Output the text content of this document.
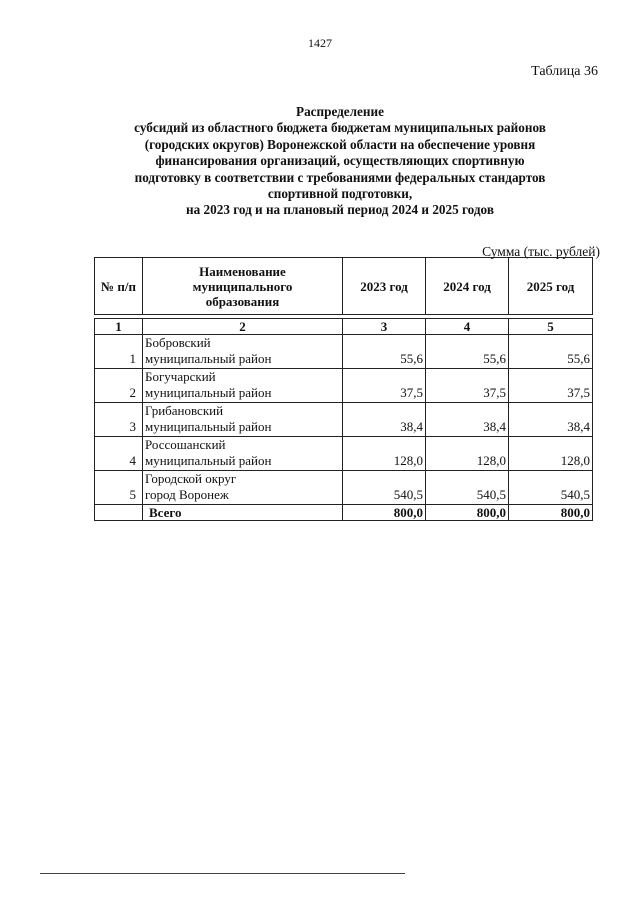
1427
Таблица 36
Распределение
субсидий из областного бюджета бюджетам муниципальных районов
(городских округов) Воронежской области на обеспечение уровня
финансирования организаций, осуществляющих спортивную
подготовку в соответствии с требованиями федеральных стандартов
спортивной подготовки,
на 2023 год и на плановый период 2024 и 2025 годов
Сумма (тыс. рублей)
№ п/п	Наименование муниципального образования	2023 год	2024 год	2025 год
1	2	3	4	5
1	Бобровский
муниципальный район	55,6	55,6	55,6
2	Богучарский
муниципальный район	37,5	37,5	37,5
3	Грибановский
муниципальный район	38,4	38,4	38,4
4	Россошанский
муниципальный район	128,0	128,0	128,0
5	Городской округ
город Воронеж	540,5	540,5	540,5
	Всего	800,0	800,0	800,0
